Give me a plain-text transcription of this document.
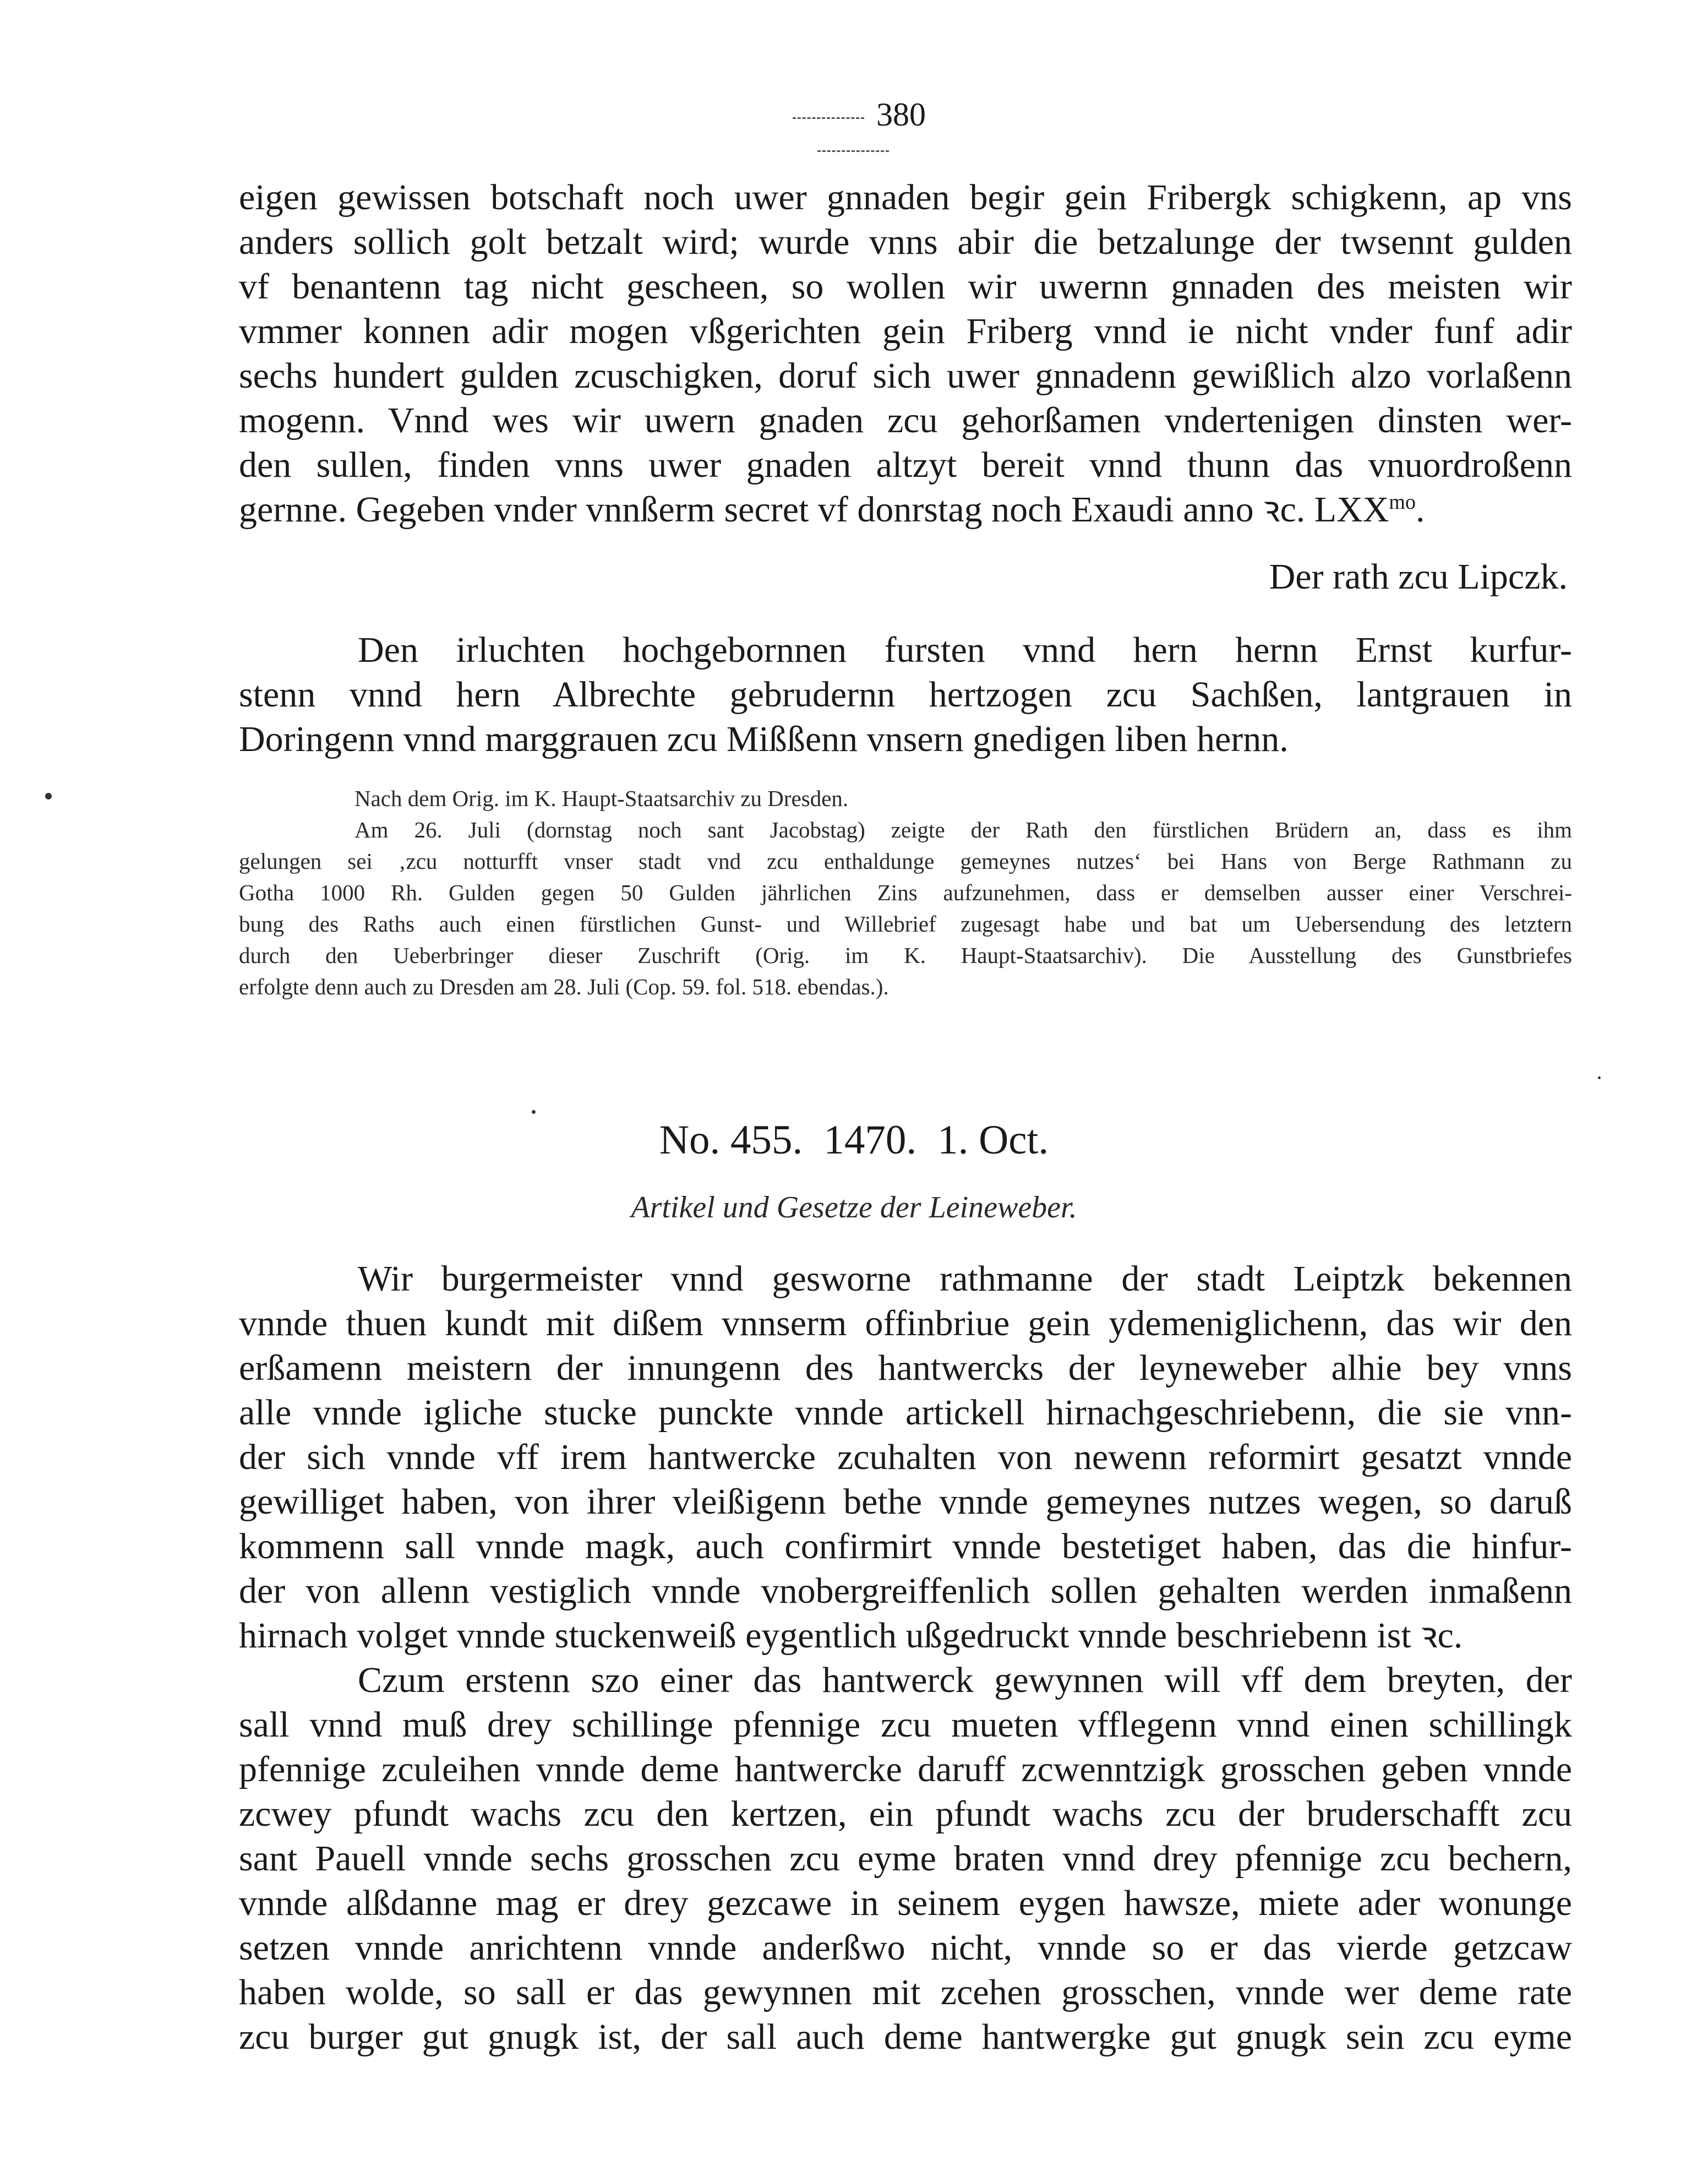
380
eigen gewissen botschaft noch uwer gnnaden begir gein Fribergk schigkenn, ap vns
anders sollich golt betzalt wird; wurde vnns abir die betzalunge der twsennt gulden
vf benantenn tag nicht gescheen, so wollen wir uwernn gnnaden des meisten wir
vmmer konnen adir mogen vßgerichten gein Friberg vnnd ie nicht vnder funf adir
sechs hundert gulden zcuschigken, doruf sich uwer gnnadenn gewißlich alzo vorlaßenn
mogenn. Vnnd wes wir uwern gnaden zcu gehorßamen vndertenigen dinsten wer-
den sullen, finden vnns uwer gnaden altzyt bereit vnnd thunn das vnuordroßenn
gernne. Gegeben vnder vnnßerm secret vf donrstag noch Exaudi anno ꝛc. $LXX^{mo}$.
Der rath zcu Lipczk.
Den irluchten hochgebornnen fursten vnnd hern hernn Ernst kurfur-
stenn vnnd hern Albrechte gebrudernn hertzogen zcu Sachßen, lantgrauen in
Doringenn vnnd marggrauen zcu Mißßenn vnsern gnedigen liben hernn.
Nach dem Orig. im K. Haupt-Staatsarchiv zu Dresden.
Am 26. Juli (dornstag noch sant Jacobstag) zeigte der Rath den fürstlichen Brüdern an, dass es ihm
gelungen sei ‚zcu notturfft vnser stadt vnd zcu enthaldunge gemeynes nutzes‘ bei Hans von Berge Rathmann zu
Gotha 1000 Rh. Gulden gegen 50 Gulden jährlichen Zins aufzunehmen, dass er demselben ausser einer Verschrei-
bung des Raths auch einen fürstlichen Gunst- und Willebrief zugesagt habe und bat um Uebersendung des letztern
durch den Ueberbringer dieser Zuschrift (Orig. im K. Haupt-Staatsarchiv). Die Ausstellung des Gunstbriefes
erfolgte denn auch zu Dresden am 28. Juli (Cop. 59. fol. 518. ebendas.).
No. 455. 1470. 1. Oct.
Artikel und Gesetze der Leineweber.
Wir burgermeister vnnd gesworne rathmanne der stadt Leiptzk bekennen
vnnde thuen kundt mit dißem vnnserm offinbriue gein ydemeniglichenn, das wir den
erßamenn meistern der innungenn des hantwercks der leyneweber alhie bey vnns
alle vnnde igliche stucke punckte vnnde artickell hirnachgeschriebenn, die sie vnn-
der sich vnnde vff irem hantwercke zcuhalten von newenn reformirt gesatzt vnnde
gewilliget haben, von ihrer vleißigenn bethe vnnde gemeynes nutzes wegen, so daruß
kommenn sall vnnde magk, auch confirmirt vnnde bestetiget haben, das die hinfur-
der von allenn vestiglich vnnde vnobergreiffenlich sollen gehalten werden inmaßenn
hirnach volget vnnde stuckenweiß eygentlich ußgedruckt vnnde beschriebenn ist ꝛc.
Czum erstenn szo einer das hantwerck gewynnen will vff dem breyten, der
sall vnnd muß drey schillinge pfennige zcu mueten vfflegenn vnnd einen schillingk
pfennige zculeihen vnnde deme hantwercke daruff zcwenntzigk grosschen geben vnnde
zcwey pfundt wachs zcu den kertzen, ein pfundt wachs zcu der bruderschafft zcu
sant Pauell vnnde sechs grosschen zcu eyme braten vnnd drey pfennige zcu bechern,
vnnde alßdanne mag er drey gezcawe in seinem eygen hawsze, miete ader wonunge
setzen vnnde anrichtenn vnnde anderßwo nicht, vnnde so er das vierde getzcaw
haben wolde, so sall er das gewynnen mit zcehen grosschen, vnnde wer deme rate
zcu burger gut gnugk ist, der sall auch deme hantwergke gut gnugk sein zcu eyme
